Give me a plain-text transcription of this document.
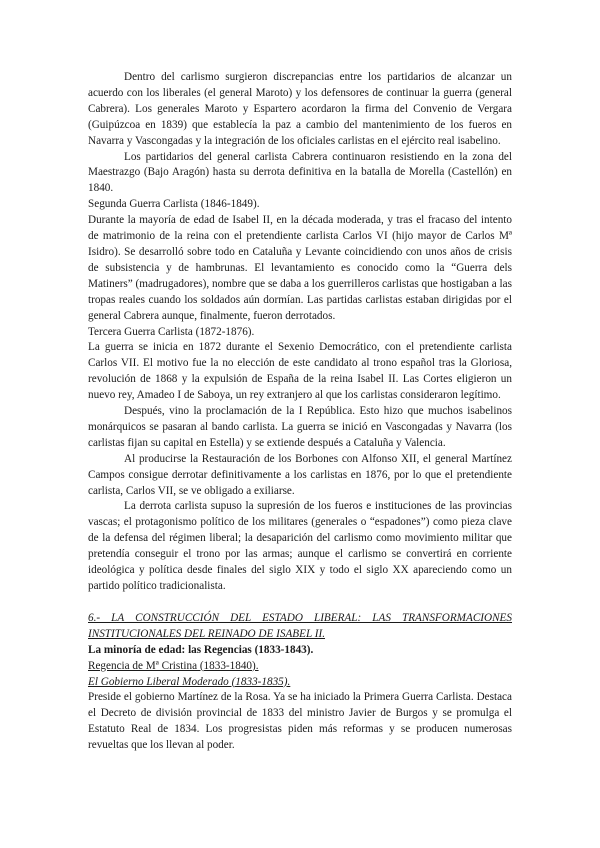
Dentro del carlismo surgieron discrepancias entre los partidarios de alcanzar un acuerdo con los liberales (el general Maroto) y los defensores de continuar la guerra (general Cabrera). Los generales Maroto y Espartero acordaron la firma del Convenio de Vergara (Guipúzcoa en 1839) que establecía la paz a cambio del mantenimiento de los fueros en Navarra y Vascongadas y la integración de los oficiales carlistas en el ejército real isabelino.

Los partidarios del general carlista Cabrera continuaron resistiendo en la zona del Maestrazgo (Bajo Aragón) hasta su derrota definitiva en la batalla de Morella (Castellón) en 1840.

Segunda Guerra Carlista (1846-1849).

Durante la mayoría de edad de Isabel II, en la década moderada, y tras el fracaso del intento de matrimonio de la reina con el pretendiente carlista Carlos VI (hijo mayor de Carlos Mª Isidro). Se desarrolló sobre todo en Cataluña y Levante coincidiendo con unos años de crisis de subsistencia y de hambrunas. El levantamiento es conocido como la “Guerra dels Matiners” (madrugadores), nombre que se daba a los guerrilleros carlistas que hostigaban a las tropas reales cuando los soldados aún dormían. Las partidas carlistas estaban dirigidas por el general Cabrera aunque, finalmente, fueron derrotados.

Tercera Guerra Carlista (1872-1876).

La guerra se inicia en 1872 durante el Sexenio Democrático, con el pretendiente carlista Carlos VII. El motivo fue la no elección de este candidato al trono español tras la Gloriosa, revolución de 1868 y la expulsión de España de la reina Isabel II. Las Cortes eligieron un nuevo rey, Amadeo I de Saboya, un rey extranjero al que los carlistas consideraron legítimo.

Después, vino la proclamación de la I República. Esto hizo que muchos isabelinos monárquicos se pasaran al bando carlista. La guerra se inició en Vascongadas y Navarra (los carlistas fijan su capital en Estella) y se extiende después a Cataluña y Valencia.

Al producirse la Restauración de los Borbones con Alfonso XII, el general Martínez Campos consigue derrotar definitivamente a los carlistas en 1876, por lo que el pretendiente carlista, Carlos VII, se ve obligado a exiliarse.

La derrota carlista supuso la supresión de los fueros e instituciones de las provincias vascas; el protagonismo político de los militares (generales o “espadones”) como pieza clave de la defensa del régimen liberal; la desaparición del carlismo como movimiento militar que pretendía conseguir el trono por las armas; aunque el carlismo se convertirá en corriente ideológica y política desde finales del siglo XIX y todo el siglo XX apareciendo como un partido político tradicionalista.

6.- LA CONSTRUCCIÓN DEL ESTADO LIBERAL: LAS TRANSFORMACIONES INSTITUCIONALES DEL REINADO DE ISABEL II.

La minoría de edad: las Regencias (1833-1843).

Regencia de Mª Cristina (1833-1840).

El Gobierno Liberal Moderado (1833-1835).

Preside el gobierno Martínez de la Rosa. Ya se ha iniciado la Primera Guerra Carlista. Destaca el Decreto de división provincial de 1833 del ministro Javier de Burgos y se promulga el Estatuto Real de 1834. Los progresistas piden más reformas y se producen numerosas revueltas que los llevan al poder.
